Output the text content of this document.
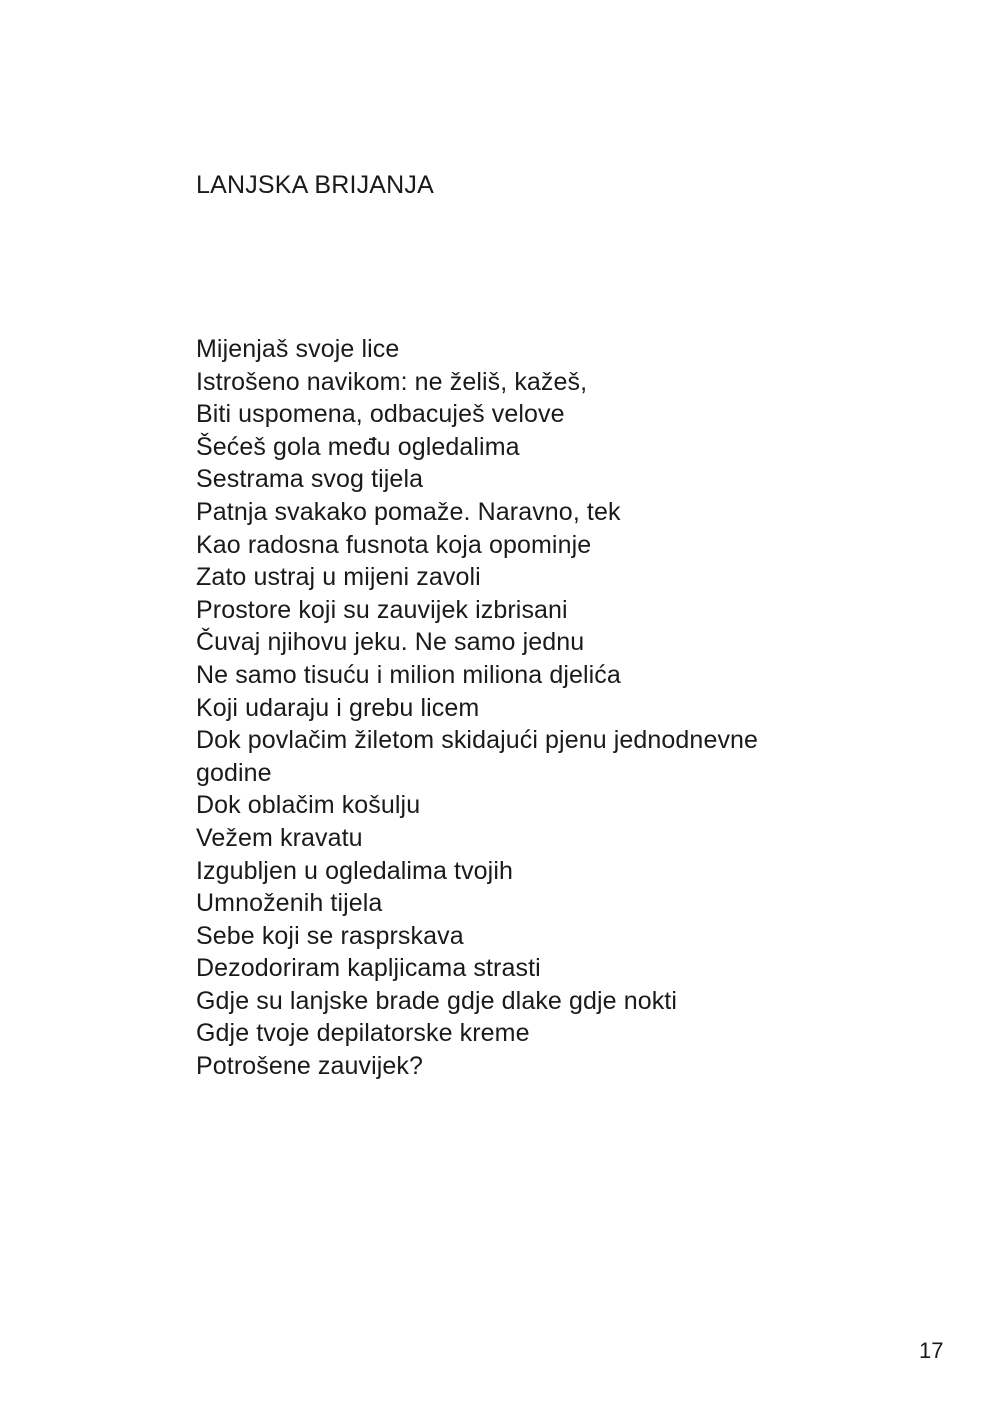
LANJSKA BRIJANJA
Mijenjaš svoje lice
Istrošeno navikom: ne želiš, kažeš,
Biti uspomena, odbacuješ velove
Šećeš gola među ogledalima
Sestrama svog tijela
Patnja svakako pomaže. Naravno, tek
Kao radosna fusnota koja opominje
Zato ustraj u mijeni zavoli
Prostore koji su zauvijek izbrisani
Čuvaj njihovu jeku. Ne samo jednu
Ne samo tisuću i milion miliona djelića
Koji udaraju i grebu licem
Dok povlačim žiletom skidajući pjenu jednodnevne
godine
Dok oblačim košulju
Vežem kravatu
Izgubljen u ogledalima tvojih
Umnoženih tijela
Sebe koji se rasprskava
Dezodoriram kapljicama strasti
Gdje su lanjske brade gdje dlake gdje nokti
Gdje tvoje depilatorske kreme
Potrošene zauvijek?
17
